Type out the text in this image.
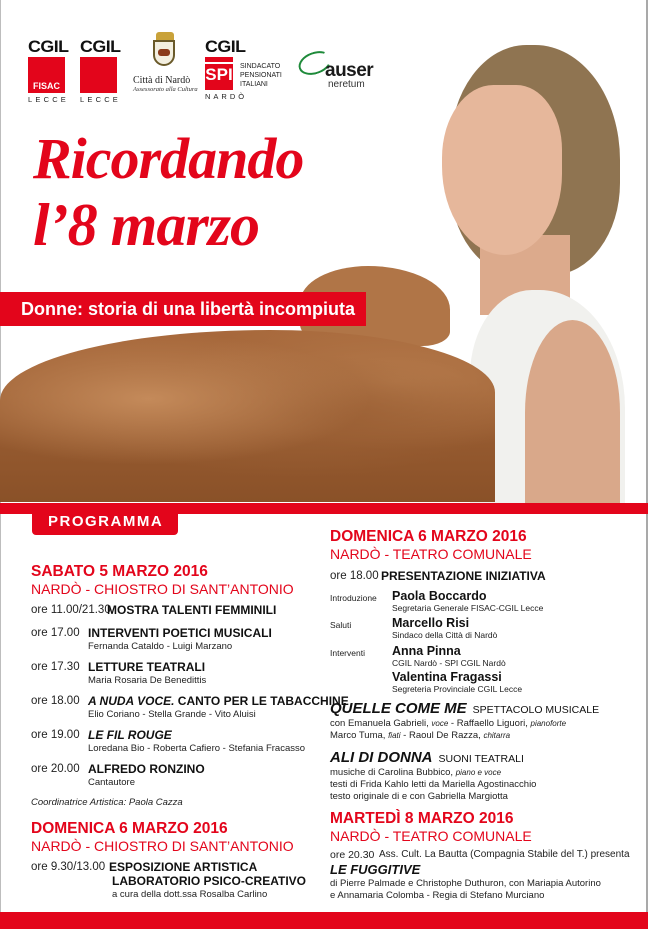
CGIL
FISAC
LECCE
CGIL
LECCE
Città di Nardò
Assessorato alla Cultura
CGIL
SPI
NARDÒ
SINDACATO
PENSIONATI
ITALIANI
auser
neretum
Ricordando
l’8 marzo
Donne: storia di una libertà incompiuta
PROGRAMMA
SABATO 5 MARZO 2016
NARDÒ - CHIOSTRO DI SANT’ANTONIO
ore 11.00/21.30
MOSTRA TALENTI FEMMINILI
ore 17.00 INTERVENTI POETICI MUSICALI
Fernanda Cataldo - Luigi Marzano
ore 17.30 LETTURE TEATRALI
Maria Rosaria De Benedittis
ore 18.00 A NUDA VOCE. CANTO PER LE TABACCHINE
Elio Coriano - Stella Grande - Vito Aluisi
ore 19.00 LE FIL ROUGE
Loredana Bio - Roberta Cafiero - Stefania Fracasso
ore 20.00 ALFREDO RONZINO
Cantautore
Coordinatrice Artistica: Paola Cazza
DOMENICA 6 MARZO 2016
NARDÒ - CHIOSTRO DI SANT’ANTONIO
ore 9.30/13.00 ESPOSIZIONE ARTISTICA
LABORATORIO PSICO-CREATIVO
a cura della dott.ssa Rosalba Carlino
DOMENICA 6 MARZO 2016
NARDÒ - TEATRO COMUNALE
ore 18.00 PRESENTAZIONE INIZIATIVA
Introduzione Paola Boccardo
Segretaria Generale FISAC-CGIL Lecce
Saluti	Marcello Risi
Sindaco della Città di Nardò
Interventi Anna Pinna
CGIL Nardò - SPI CGIL Nardò
Valentina Fragassi
Segreteria Provinciale CGIL Lecce
QUELLE COME ME SPETTACOLO MUSICALE
con Emanuela Gabrieli, voce - Raffaello Liguori, pianoforte
Marco Tuma, fiati - Raoul De Razza, chitarra
ALI DI DONNA SUONI TEATRALI
musiche di Carolina Bubbico, piano e voce
testi di Frida Kahlo letti da Mariella Agostinacchio
testo originale di e con Gabriella Margiotta
MARTEDÌ 8 MARZO 2016
NARDÒ - TEATRO COMUNALE
ore 20.30 Ass. Cult. La Bautta (Compagnia Stabile del T.) presenta
LE FUGGITIVE
di Pierre Palmade e Christophe Duthuron, con Mariapia Autorino
e Annamaria Colomba - Regia di Stefano Murciano
